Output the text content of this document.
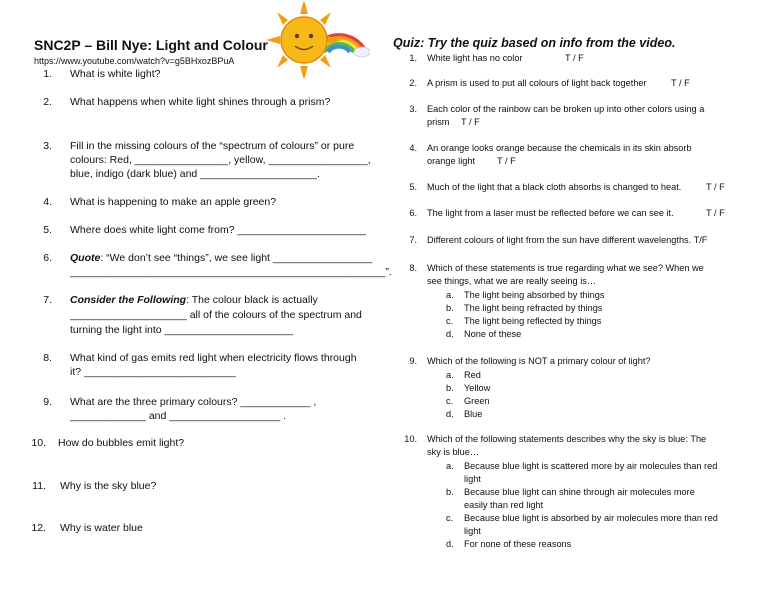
SNC2P – Bill Nye: Light and Colour
https://www.youtube.com/watch?v=g5BHxozBPuA
1. What is white light?
2. What happens when white light shines through a prism?
3. Fill in the missing colours of the “spectrum of colours” or pure
colours: Red, ________________, yellow, _________________,
blue, indigo (dark blue) and ____________________.
4. What is happening to make an apple green?
5. Where does white light come from? ______________________
6. Quote: “We don’t see “things”, we see light _________________
______________________________________________________”.
7. Consider the Following: The colour black is actually
____________________ all of the colours of the spectrum and
turning the light into ______________________
8. What kind of gas emits red light when electricity flows through
it? __________________________
9. What are the three primary colours? ____________ ,
_____________ and ___________________ .
10. How do bubbles emit light?
11. Why is the sky blue?
12. Why is water blue
Quiz: Try the quiz based on info from the video.
1. White light has no color	T / F
2. A prism is used to put all colours of light back together	T / F
3. Each color of the rainbow can be broken up into other colors using a
prism T / F
4. An orange looks orange because the chemicals in its skin absorb
orange light T / F
5. Much of the light that a black cloth absorbs is changed to heat.	T / F
6. The light from a laser must be reflected before we can see it.	T / F
7. Different colours of light from the sun have different wavelengths. T/F
8. Which of these statements is true regarding what we see? When we
see things, what we are really seeing is…
a.	The light being absorbed by things
b.	The light being refracted by things
c.	The light being reflected by things
d.	None of these
9. Which of the following is NOT a primary colour of light?
a.	Red
b.	Yellow
c.	Green
d.	Blue
10. Which of the following statements describes why the sky is blue: The
sky is blue…
a.	Because blue light is scattered more by air molecules than red
light
b.	Because blue light can shine through air molecules more
easily than red light
c.	Because blue light is absorbed by air molecules more than red
light
d.	For none of these reasons
